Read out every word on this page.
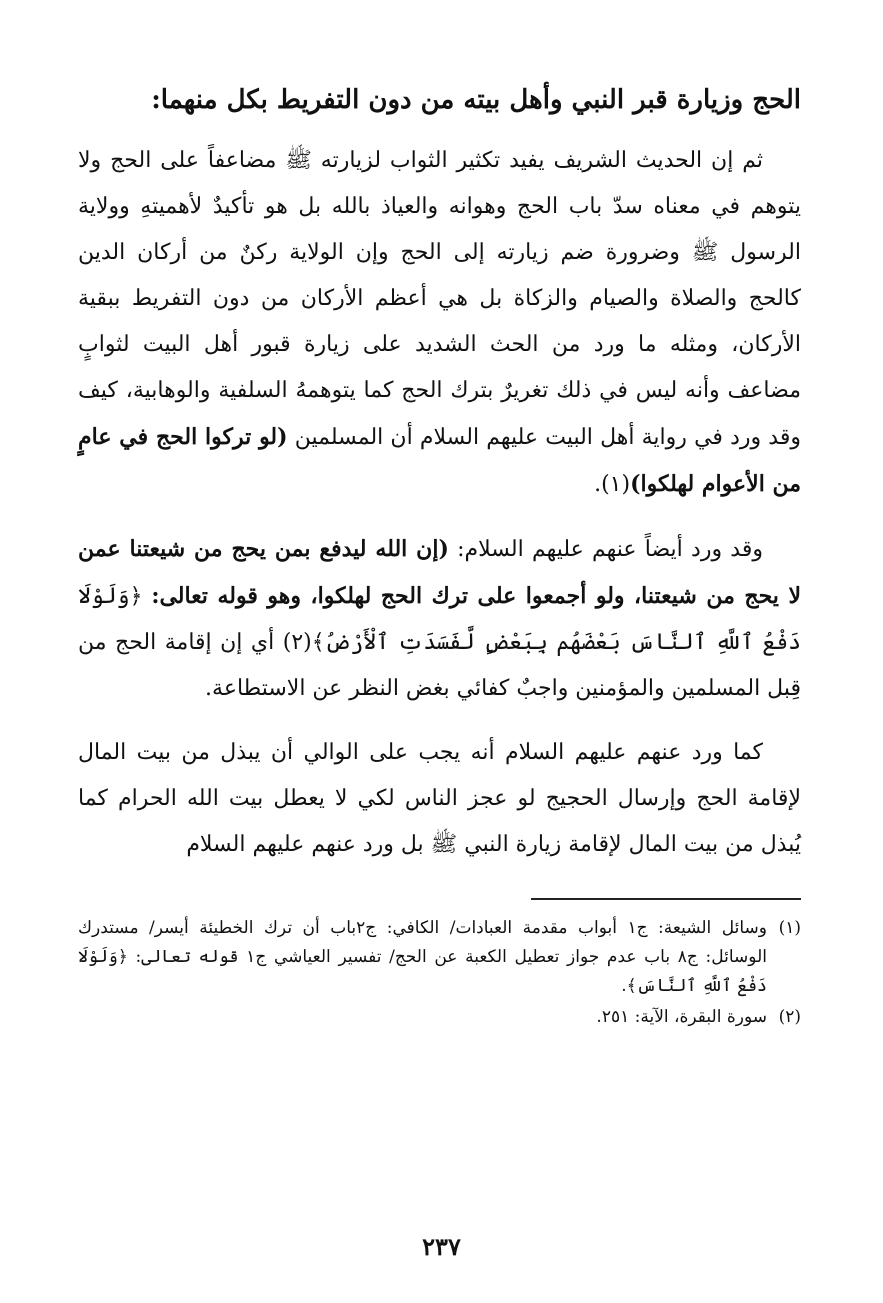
الحج وزيارة قبر النبي وأهل بيته من دون التفريط بكل منهما:

ثم إن الحديث الشريف يفيد تكثير الثواب لزيارته ﷺ مضاعفاً على الحج ولا يتوهم في معناه سدّ باب الحج وهوانه والعياذ بالله بل هو تأكيدٌ لأهميتهِ وولاية الرسول ﷺ وضرورة ضم زيارته إلى الحج وإن الولاية ركنٌ من أركان الدين كالحج والصلاة والصيام والزكاة بل هي أعظم الأركان من دون التفريط ببقية الأركان، ومثله ما ورد من الحث الشديد على زيارة قبور أهل البيت لثوابٍ مضاعف وأنه ليس في ذلك تغريرٌ بترك الحج كما يتوهمهُ السلفية والوهابية، كيف وقد ورد في رواية أهل البيت عليهم السلام أن المسلمين (لو تركوا الحج في عامٍ من الأعوام لهلكوا)(١).

وقد ورد أيضاً عنهم عليهم السلام: (إن الله ليدفع بمن يحج من شيعتنا عمن لا يحج من شيعتنا، ولو أجمعوا على ترك الحج لهلكوا، وهو قوله تعالى: ﴿وَلَوْلَا دَفْعُ ٱللَّهِ ٱلنَّاسَ بَعْضَهُم بِبَعْضٍ لَّفَسَدَتِ ٱلْأَرْضُ﴾(٢) أي إن إقامة الحج من قِبل المسلمين والمؤمنين واجبٌ كفائي بغض النظر عن الاستطاعة.

كما ورد عنهم عليهم السلام أنه يجب على الوالي أن يبذل من بيت المال لإقامة الحج وإرسال الحجيج لو عجز الناس لكي لا يعطل بيت الله الحرام كما يُبذل من بيت المال لإقامة زيارة النبي ﷺ بل ورد عنهم عليهم السلام

(١)
وسائل الشيعة: ج١ أبواب مقدمة العبادات/ الكافي: ج٢باب أن ترك الخطيئة أيسر/ مستدرك الوسائل: ج٨ باب عدم جواز تعطيل الكعبة عن الحج/ تفسير العياشي ج١ قوله تعالى: ﴿وَلَوْلَا دَفْعُ ٱللَّهِ ٱلنَّاسَ﴾.

(٢)
سورة البقرة، الآية: ٢٥١.

٢٣٧
